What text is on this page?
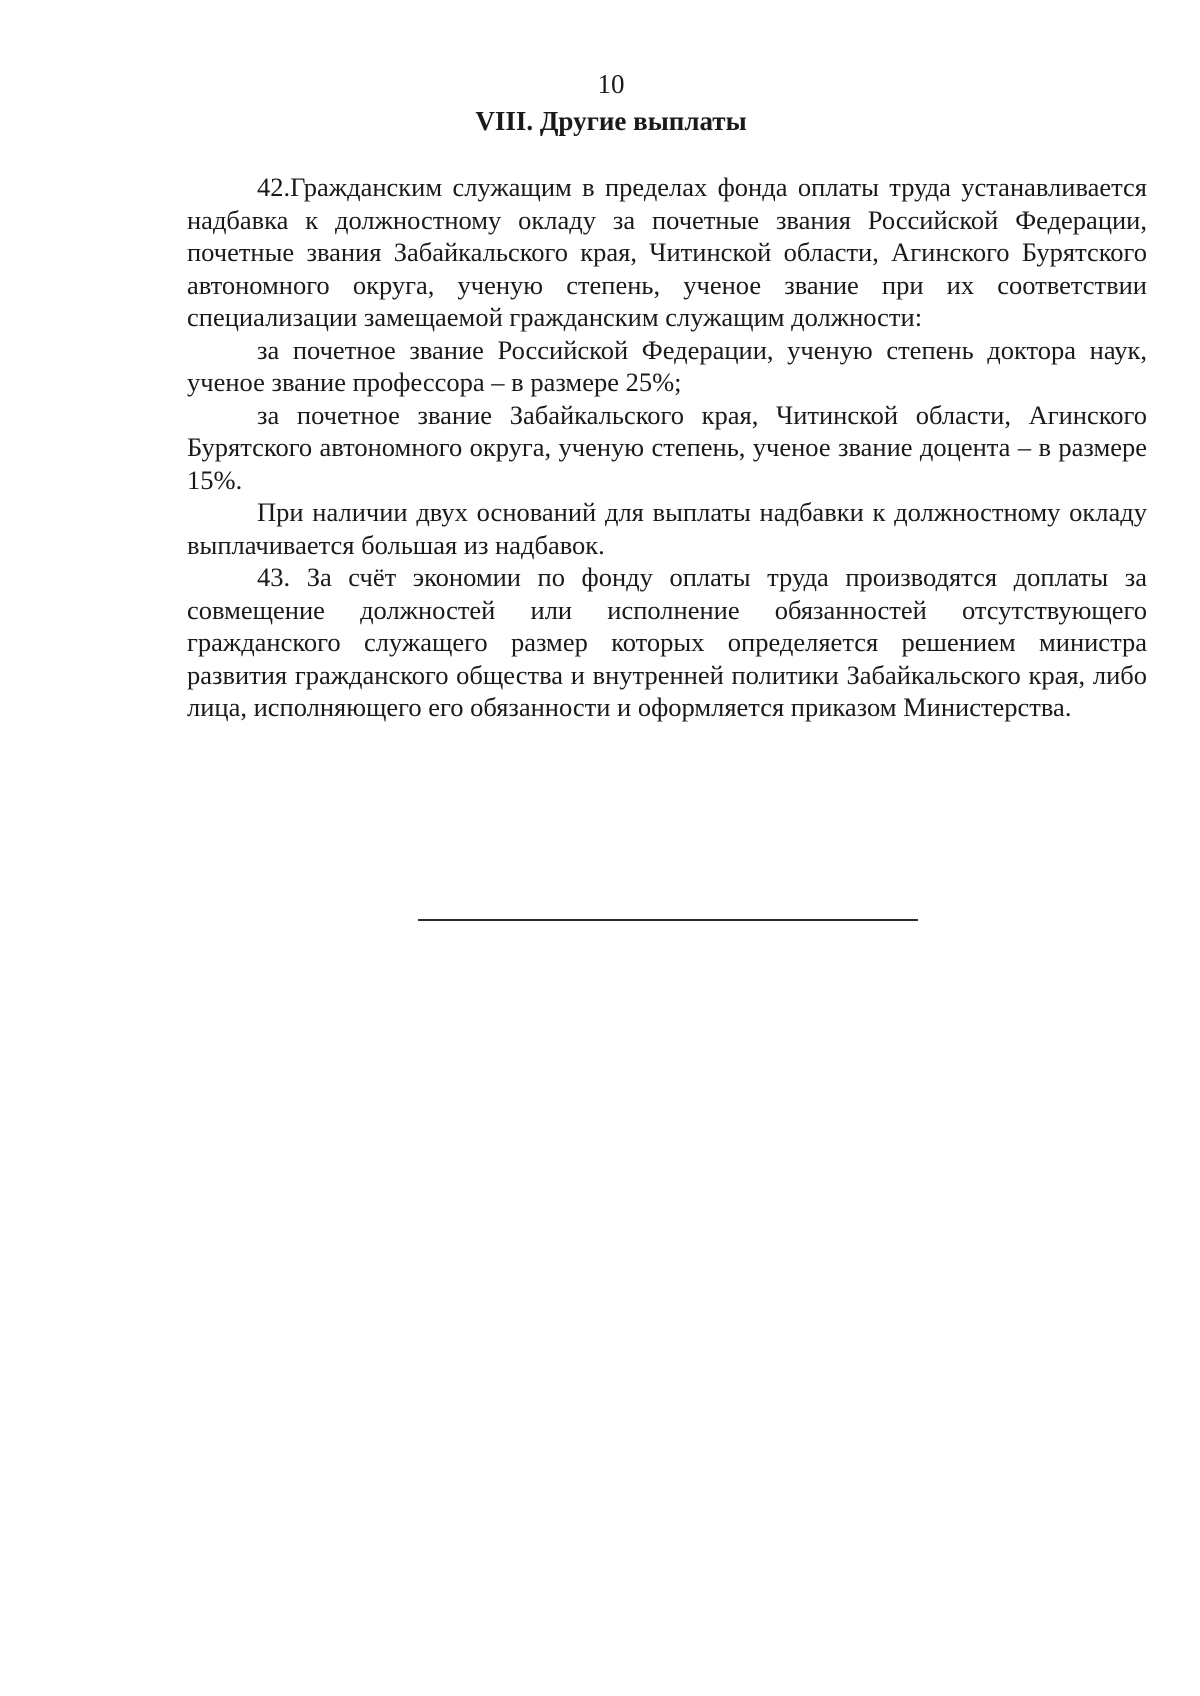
10
VIII. Другие выплаты

42.Гражданским служащим в пределах фонда оплаты труда устанавливается надбавка к должностному окладу за почетные звания Российской Федерации, почетные звания Забайкальского края, Читинской области, Агинского Бурятского автономного округа, ученую степень, ученое звание при их соответствии специализации замещаемой гражданским служащим должности:

за почетное звание Российской Федерации, ученую степень доктора наук, ученое звание профессора – в размере 25%;

за почетное звание Забайкальского края, Читинской области, Агинского Бурятского автономного округа, ученую степень, ученое звание доцента – в размере 15%.

При наличии двух оснований для выплаты надбавки к должностному окладу выплачивается большая из надбавок.

43. За счёт экономии по фонду оплаты труда производятся доплаты за совмещение должностей или исполнение обязанностей отсутствующего гражданского служащего размер которых определяется решением министра развития гражданского общества и внутренней политики Забайкальского края, либо лица, исполняющего его обязанности и оформляется приказом Министерства.
